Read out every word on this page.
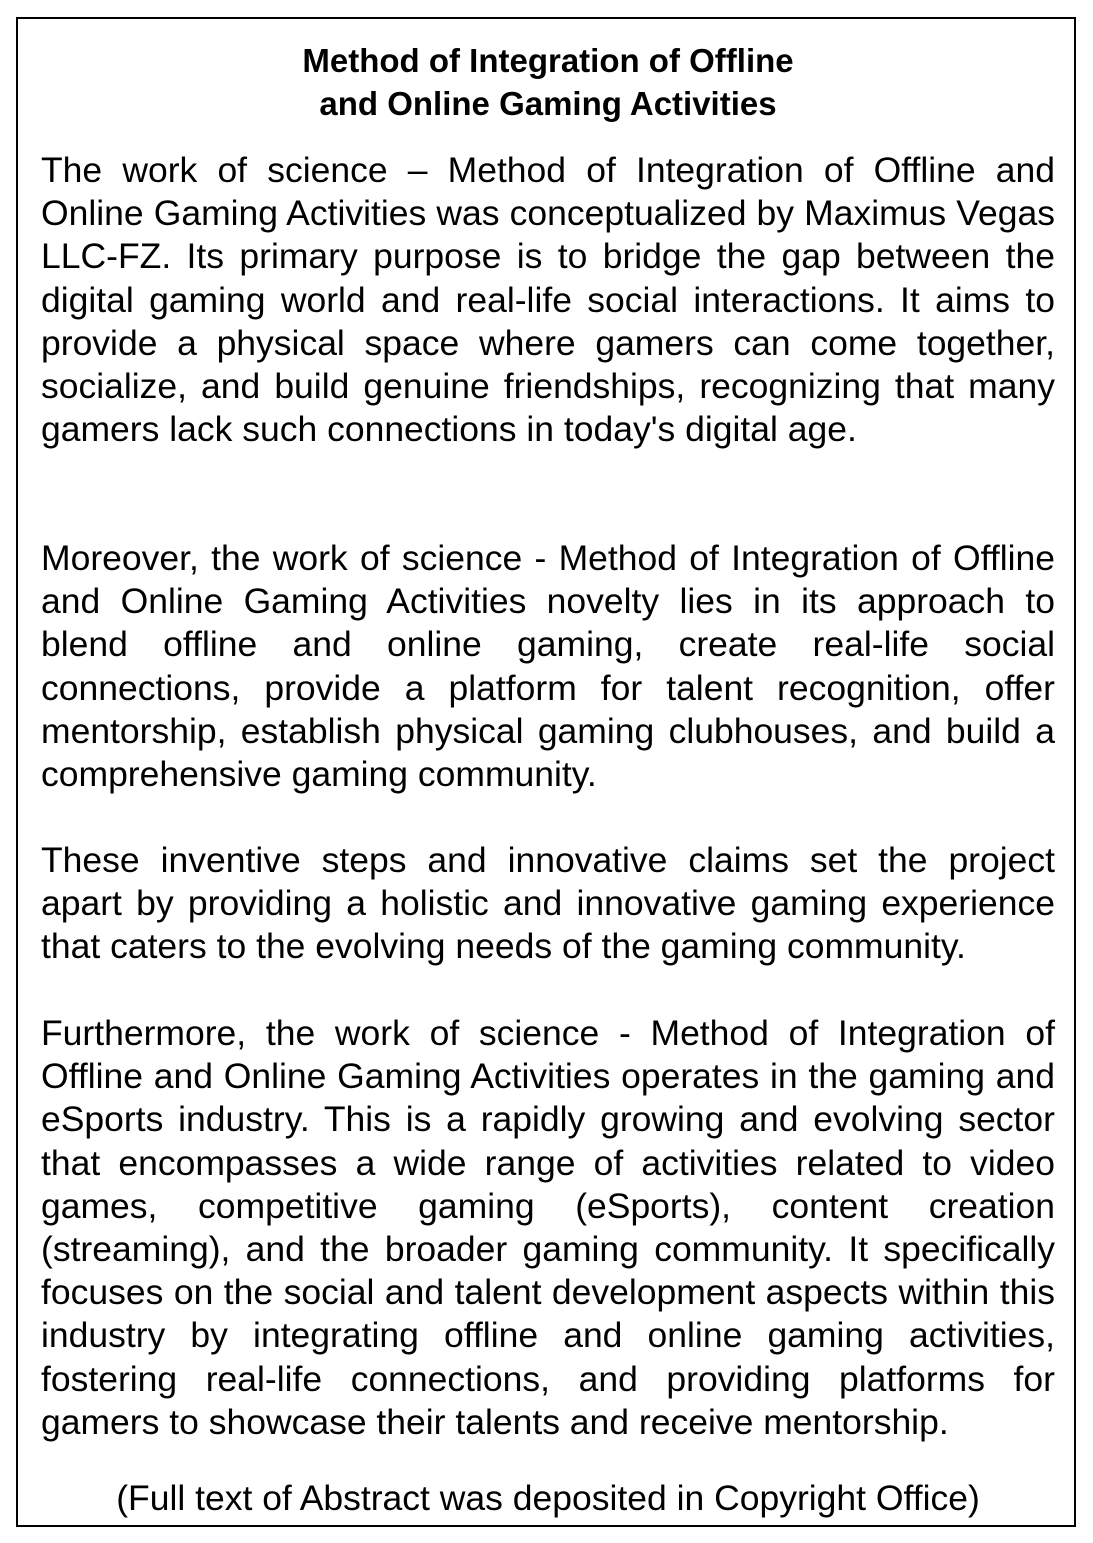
Method of Integration of Offline
and Online Gaming Activities

The work of science – Method of Integration of Offline and Online Gaming Activities was conceptualized by Maximus Vegas LLC-FZ. Its primary purpose is to bridge the gap between the digital gaming world and real-life social interactions. It aims to provide a physical space where gamers can come together, socialize, and build genuine friendships, recognizing that many gamers lack such connections in today's digital age.

Moreover, the work of science - Method of Integration of Offline and Online Gaming Activities novelty lies in its approach to blend offline and online gaming, create real-life social connections, provide a platform for talent recognition, offer mentorship, establish physical gaming clubhouses, and build a comprehensive gaming community.

These inventive steps and innovative claims set the project apart by providing a holistic and innovative gaming experience that caters to the evolving needs of the gaming community.

Furthermore, the work of science - Method of Integration of Offline and Online Gaming Activities operates in the gaming and eSports industry. This is a rapidly growing and evolving sector that encompasses a wide range of activities related to video games, competitive gaming (eSports), content creation (streaming), and the broader gaming community. It specifically focuses on the social and talent development aspects within this industry by integrating offline and online gaming activities, fostering real-life connections, and providing platforms for gamers to showcase their talents and receive mentorship.

(Full text of Abstract was deposited in Copyright Office)
